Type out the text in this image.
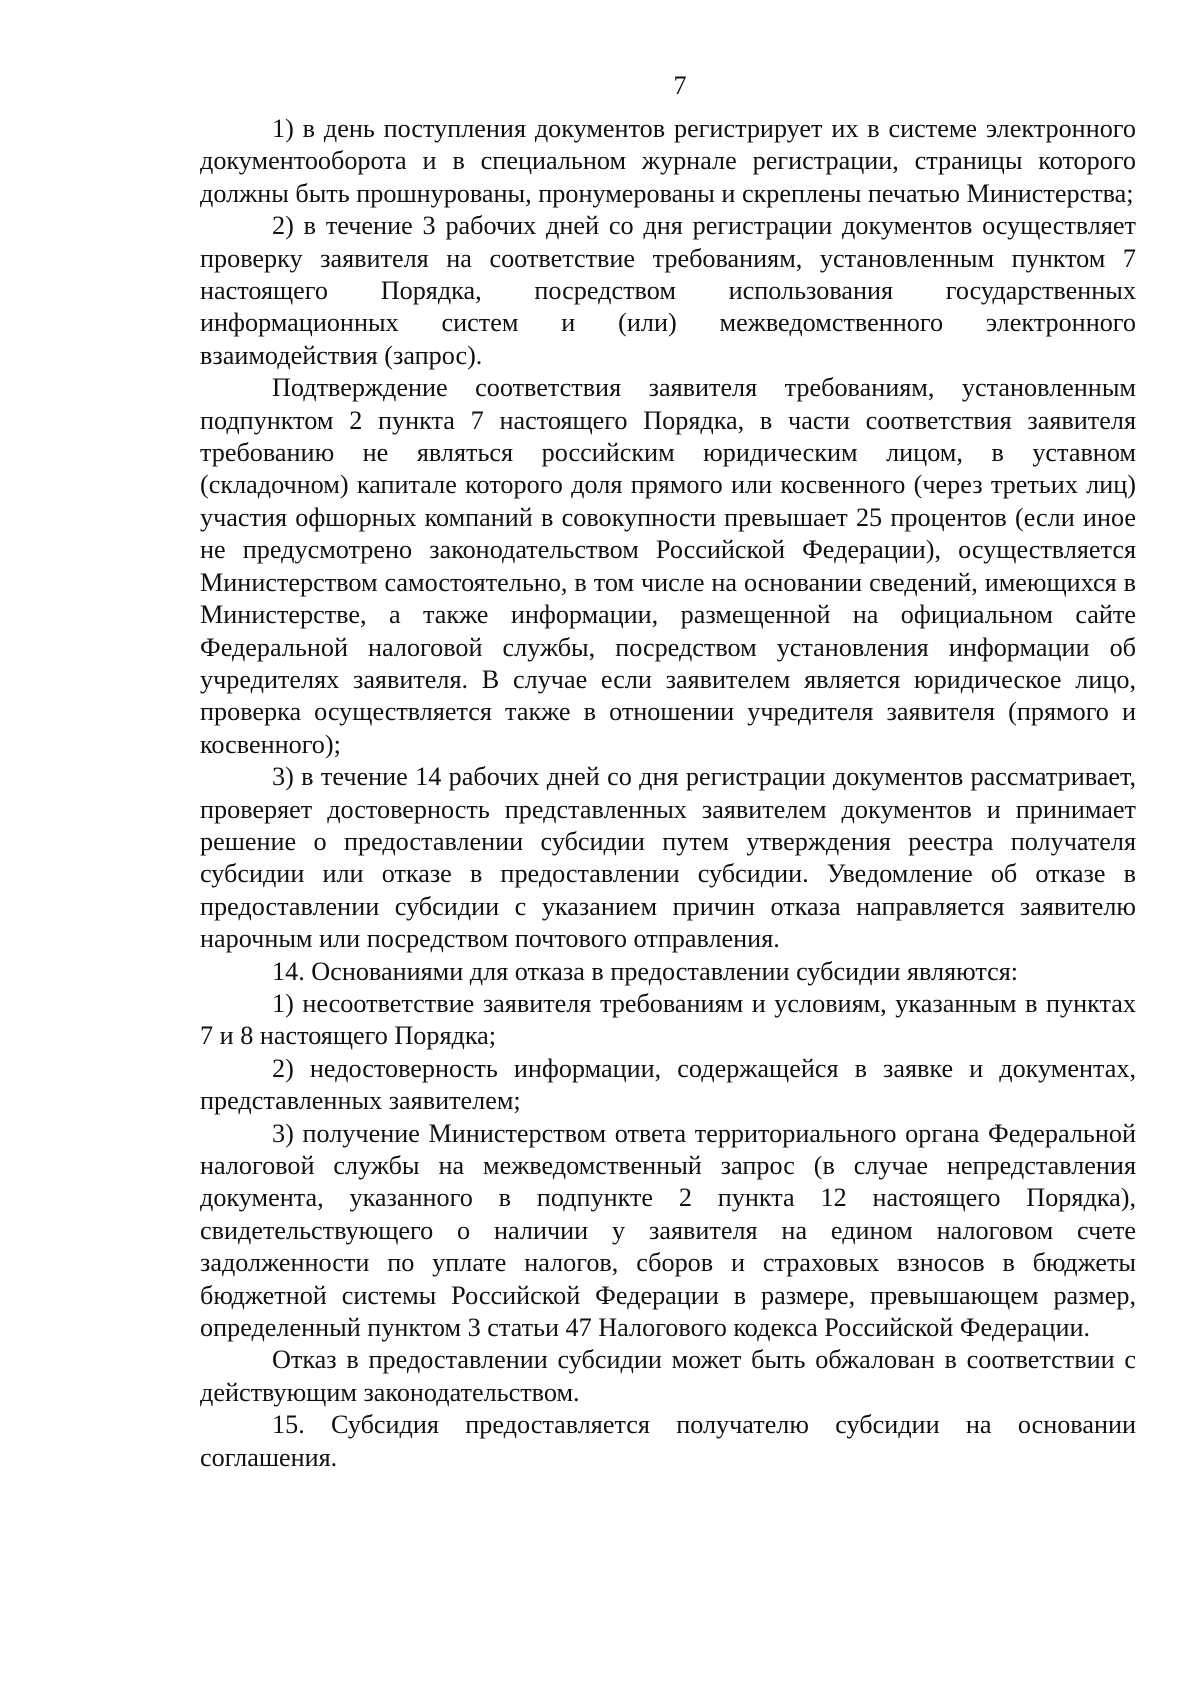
7

1) в день поступления документов регистрирует их в системе электронного документооборота и в специальном журнале регистрации, страницы которого должны быть прошнурованы, пронумерованы и скреплены печатью Министерства;

2) в течение 3 рабочих дней со дня регистрации документов осуществляет проверку заявителя на соответствие требованиям, установленным пунктом 7 настоящего Порядка, посредством использования государственных информационных систем и (или) межведомственного электронного взаимодействия (запрос).

Подтверждение соответствия заявителя требованиям, установленным подпунктом 2 пункта 7 настоящего Порядка, в части соответствия заявителя требованию не являться российским юридическим лицом, в уставном (складочном) капитале которого доля прямого или косвенного (через третьих лиц) участия офшорных компаний в совокупности превышает 25 процентов (если иное не предусмотрено законодательством Российской Федерации), осуществляется Министерством самостоятельно, в том числе на основании сведений, имеющихся в Министерстве, а также информации, размещенной на официальном сайте Федеральной налоговой службы, посредством установления информации об учредителях заявителя. В случае если заявителем является юридическое лицо, проверка осуществляется также в отношении учредителя заявителя (прямого и косвенного);

3) в течение 14 рабочих дней со дня регистрации документов рассматривает, проверяет достоверность представленных заявителем документов и принимает решение о предоставлении субсидии путем утверждения реестра получателя субсидии или отказе в предоставлении субсидии. Уведомление об отказе в предоставлении субсидии с указанием причин отказа направляется заявителю нарочным или посредством почтового отправления.

14. Основаниями для отказа в предоставлении субсидии являются:

1) несоответствие заявителя требованиям и условиям, указанным в пунктах 7 и 8 настоящего Порядка;

2) недостоверность информации, содержащейся в заявке и документах, представленных заявителем;

3) получение Министерством ответа территориального органа Федеральной налоговой службы на межведомственный запрос (в случае непредставления документа, указанного в подпункте 2 пункта 12 настоящего Порядка), свидетельствующего о наличии у заявителя на едином налоговом счете задолженности по уплате налогов, сборов и страховых взносов в бюджеты бюджетной системы Российской Федерации в размере, превышающем размер, определенный пунктом 3 статьи 47 Налогового кодекса Российской Федерации.

Отказ в предоставлении субсидии может быть обжалован в соответствии с действующим законодательством.

15. Субсидия предоставляется получателю субсидии на основании соглашения.
